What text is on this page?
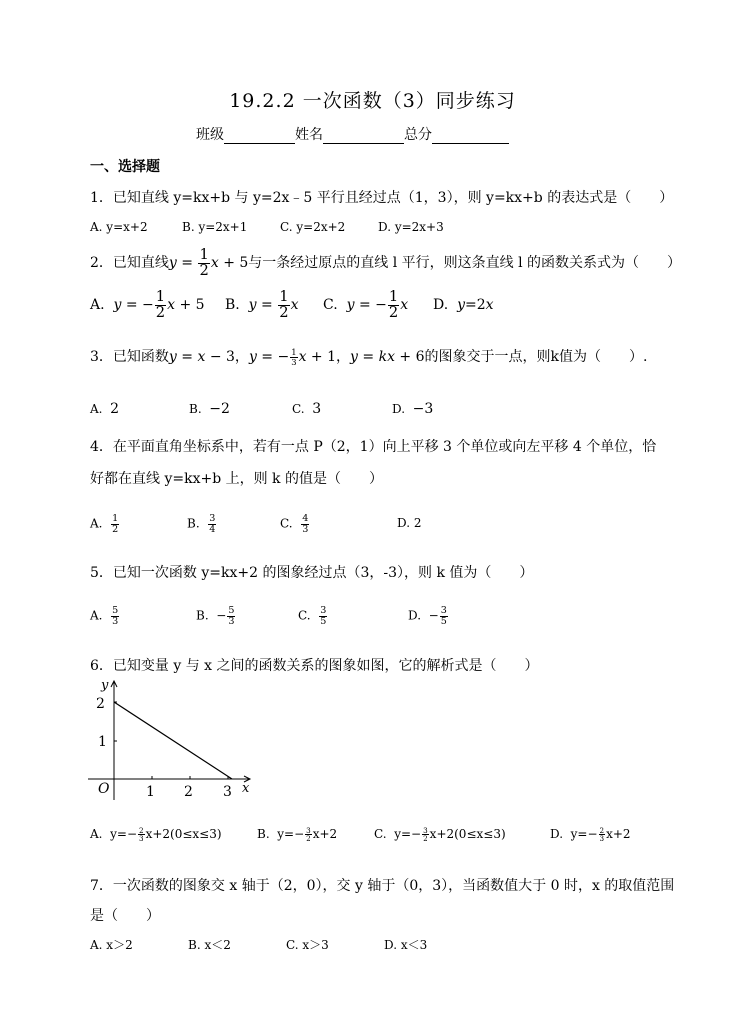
19.2.2 一次函数（3）同步练习
班级	姓名	总分
一、选择题
1．已知直线 y=kx+b 与 y=2x﹣5 平行且经过点（1，3），则 y=kx+b 的表达式是（　　）
A. y=x+2	B. y=2x+1	C. y=2x+2	D. y=2x+3
2．已知直线$y = \frac{1}{2}$ x + 5与一条经过原点的直线 l 平行，则这条直线 l 的函数关系式为（　　）
A.  y = − $\frac{1}{2}$ x + 5 B.  $y = \frac{1}{2}$ x C.  y = − $\frac{1}{2}$ x D.  y=2x
3．已知函数y = x − 3，y = − $\frac{1}{3}$ x + 1，y = kx + 6的图象交于一点，则k值为（　　）.
A.  2	B.  −2	C.  3	D.  −3
4．在平面直角坐标系中，若有一点 P（2，1）向上平移 3 个单位或向左平移 4 个单位，恰
好都在直线 y=kx+b 上，则 k 的值是（　　）
A. $\frac{1}{2}$	B. $\frac{3}{4}$	C. $\frac{4}{3}$	D. 2
5．已知一次函数 y=kx+2 的图象经过点（3，-3），则 k 值为（　　）
A. $\frac{5}{3}$	B.  − $\frac{5}{3}$	C. $\frac{3}{5}$	D.  − $\frac{3}{5}$
6．已知变量 y 与 x 之间的函数关系的图象如图，它的解析式是（　　）
y
x
O	1 2 3
1
2
A.  $y=- \frac{2}{3} x+2(0\le x\le 3)$	B.  $y=- \frac{3}{2} x+2$	C.  $y=- \frac{3}{2} x+2(0\le x\le 3)$	D.  $y=- \frac{2}{3} x+2$
7．一次函数的图象交 x 轴于（2，0），交 y 轴于（0，3），当函数值大于 0 时，x 的取值范围
是（　　）
A. x＞2	B. x＜2	C. x＞3	D. x＜3
